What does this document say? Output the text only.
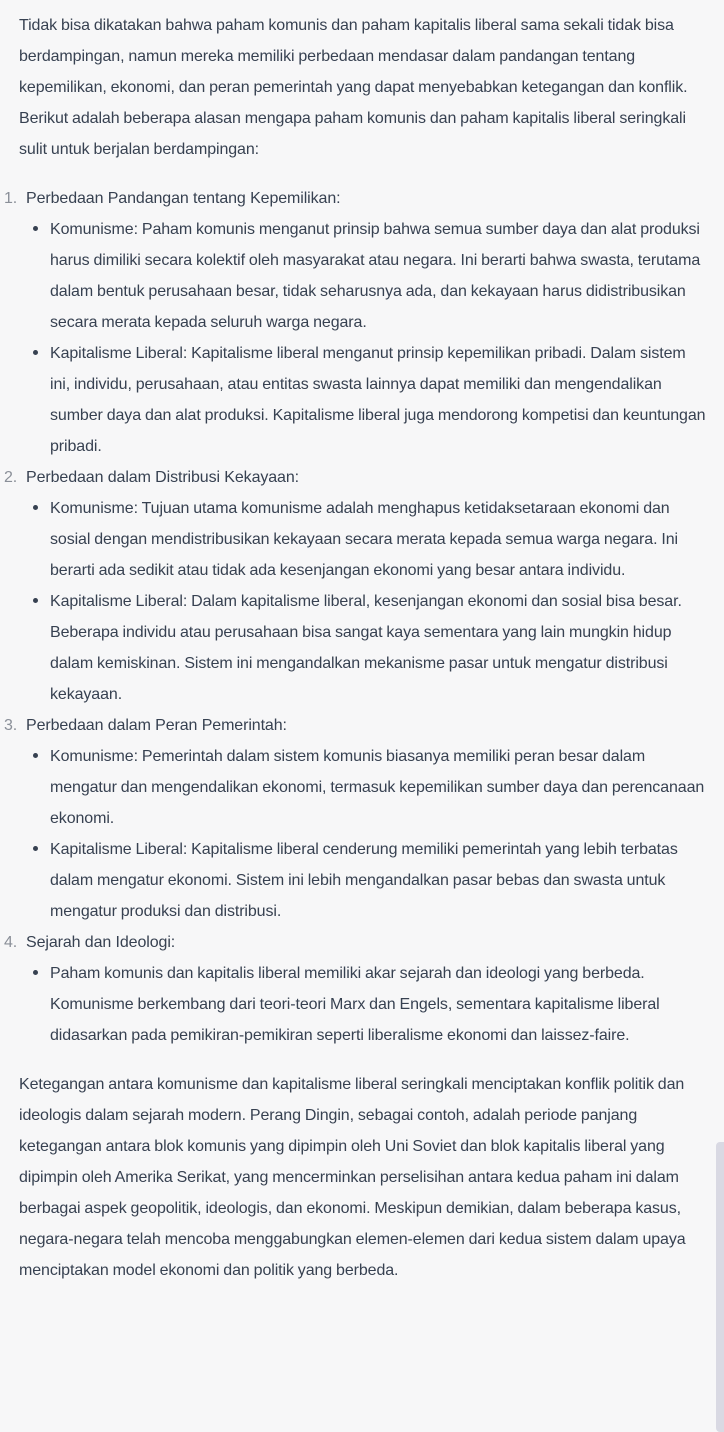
Tidak bisa dikatakan bahwa paham komunis dan paham kapitalis liberal sama sekali tidak bisa berdampingan, namun mereka memiliki perbedaan mendasar dalam pandangan tentang kepemilikan, ekonomi, dan peran pemerintah yang dapat menyebabkan ketegangan dan konflik. Berikut adalah beberapa alasan mengapa paham komunis dan paham kapitalis liberal seringkali sulit untuk berjalan berdampingan:

1. Perbedaan Pandangan tentang Kepemilikan:
Komunisme: Paham komunis menganut prinsip bahwa semua sumber daya dan alat produksi harus dimiliki secara kolektif oleh masyarakat atau negara. Ini berarti bahwa swasta, terutama dalam bentuk perusahaan besar, tidak seharusnya ada, dan kekayaan harus didistribusikan secara merata kepada seluruh warga negara.
Kapitalisme Liberal: Kapitalisme liberal menganut prinsip kepemilikan pribadi. Dalam sistem ini, individu, perusahaan, atau entitas swasta lainnya dapat memiliki dan mengendalikan sumber daya dan alat produksi. Kapitalisme liberal juga mendorong kompetisi dan keuntungan pribadi.
2. Perbedaan dalam Distribusi Kekayaan:
Komunisme: Tujuan utama komunisme adalah menghapus ketidaksetaraan ekonomi dan sosial dengan mendistribusikan kekayaan secara merata kepada semua warga negara. Ini berarti ada sedikit atau tidak ada kesenjangan ekonomi yang besar antara individu.
Kapitalisme Liberal: Dalam kapitalisme liberal, kesenjangan ekonomi dan sosial bisa besar. Beberapa individu atau perusahaan bisa sangat kaya sementara yang lain mungkin hidup dalam kemiskinan. Sistem ini mengandalkan mekanisme pasar untuk mengatur distribusi kekayaan.
3. Perbedaan dalam Peran Pemerintah:
Komunisme: Pemerintah dalam sistem komunis biasanya memiliki peran besar dalam mengatur dan mengendalikan ekonomi, termasuk kepemilikan sumber daya dan perencanaan ekonomi.
Kapitalisme Liberal: Kapitalisme liberal cenderung memiliki pemerintah yang lebih terbatas dalam mengatur ekonomi. Sistem ini lebih mengandalkan pasar bebas dan swasta untuk mengatur produksi dan distribusi.
4. Sejarah dan Ideologi:
Paham komunis dan kapitalis liberal memiliki akar sejarah dan ideologi yang berbeda. Komunisme berkembang dari teori-teori Marx dan Engels, sementara kapitalisme liberal didasarkan pada pemikiran-pemikiran seperti liberalisme ekonomi dan laissez-faire.

Ketegangan antara komunisme dan kapitalisme liberal seringkali menciptakan konflik politik dan ideologis dalam sejarah modern. Perang Dingin, sebagai contoh, adalah periode panjang ketegangan antara blok komunis yang dipimpin oleh Uni Soviet dan blok kapitalis liberal yang dipimpin oleh Amerika Serikat, yang mencerminkan perselisihan antara kedua paham ini dalam berbagai aspek geopolitik, ideologis, dan ekonomi. Meskipun demikian, dalam beberapa kasus, negara-negara telah mencoba menggabungkan elemen-elemen dari kedua sistem dalam upaya menciptakan model ekonomi dan politik yang berbeda.
